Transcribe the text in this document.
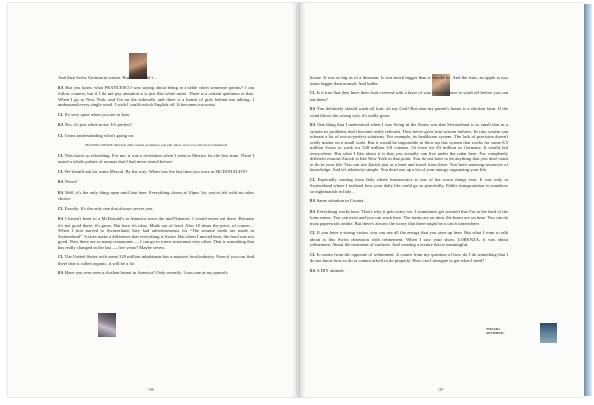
And then Swiss German in winter. But then I didn’t…

RA But you know what FRANCESCO was saying about being at a table when someone speaks? I can follow context, but if I do not pay attention it is just like white noise. There is a certain quietness to that. When I go to New York, and I'm on the sidewalk, and there is a bunch of girls behind me talking, I understand every single word. I wish I could switch English off. It becomes too noisy.

CL It's very quiet when you are in Iran.

RA Yes, it's just white noise. It's perfect!

CL I miss understanding what's going on.

SECOND COURSE: Mexican chili-crusted cucumbers, pan jam, bibes, and cocoa nibs in rice bankbread

CL This tastes so refreshing. For me, it was a revelation when I went to Mexico for the first time. There I tasted a whole palette of aromas that I had never tasted before.

CL We should ask for some Mezcal. By the way: When was the last time you were at MCDONALD'S?

RA Never!

RA Well, it's the only thing open until late here. Everything closes at 10pm. So, you're left with no other choice.

CL Exactly. It's the only one that always serves you.

RA I haven't been to a McDonald's in America since the mid-Nineties. I would never eat there. Because it's not good there, it's gross. But here it's okay. Made out of food. Also 10 times the price, of course… When I first moved to Switzerland, they had advertisements for “The sesame seeds are made in Switzerland”. It does make a difference that everything is Swiss. But when I moved here, the food was not good. Now there are so many restaurants — I can go to a new restaurant very often. That is something that has really changed in the last — five years? Maybe seven.

CL The United States with some 328 million inhabitants has a massive food industry. Even if you can find there that is called organic, it will be a lie.

RA Have you ever seen a chicken breast in America? Only recently. I saw one at my parent's

188

house. It was as big as of a dinosaur. It was much bigger than it should be. And the fruit, an apple is two times bigger than normal. And baller.

CL Is it true that they have their fruit covered with a layer of wax that you have to wash off before you can eat them?

RA You definitely should wash all fruit, oh my God! But near my parent's house is a chicken farm. If the wind blows the wrong way, it's really gross.

RA One thing that I understood when I was living in the States was that Switzerland is so small that as a system its problems don't become really relevant. They never grow into system failures. Its tiny system can tolerate a lot of not-so-perfect solutions. For example, its healthcare system. The lack of precision doesn't really matter on a small scale. But it would be impossible to blow up this system that works for some 8.5 million Swiss to work for 328 million US citizens. Or even for 83 million in Germany. It would fail everywhere. But what I like about it is that you actually can live under the radar here. For completely different reasons Zurich is like New York in that point. You do not have to do anything that you don't want to do in your life. You can use Zurich just as a base and travel from there. You have amazing resources of knowledge. And it's relatively simple. You don't use up a lot of your energy organizing your life.

CL Especially coming from Italy where bureaucracy is one of the worst things ever. It was only in Switzerland where I realized how your daily life could go so peacefully. Public transportation is somehow so nightmarish in Italy…

RA Same situation in Croatia.

RA Everything works here. That's why it gets scary too. I sometimes get worried that I'm in the land of the lotus eaters. You can exist and you can work here. The trains are on time, the buses are on time. You can do most paperwork online. But there's always the worry that there might be a catch somewhere.

CL If you have a strong vision, you can use all the energy that you save up here. But what I want to talk about is this Swiss obsession with refinement. When I saw your show, LORENZA, it was about refinement. About the treatment of surfaces. And creating a texture that is meaningful.

CL It comes from the opposite of refinement. It comes from my question of how do I do something that I do not know how to do or cannot afford to do properly. How can I navigate to get what I need?

RA A DIY attitude.

TWEAKS
AESTHETIC
187
